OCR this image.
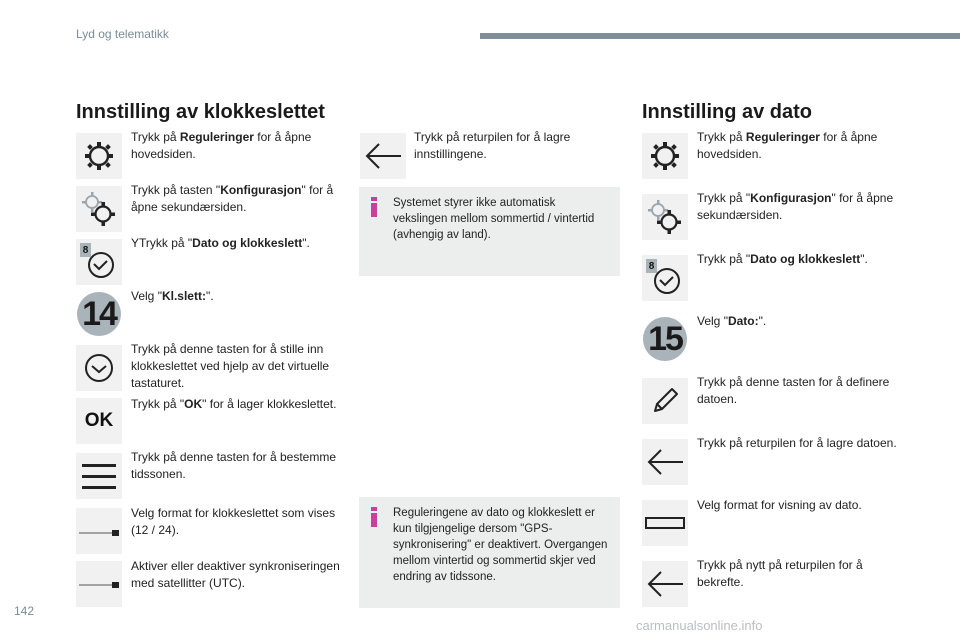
Lyd og telematikk
Innstilling av klokkeslettet
Trykk på Reguleringer for å åpne hovedsiden.
Trykk på tasten "Konfigurasjon" for å åpne sekundærsiden.
8	YTrykk på "Dato og klokkeslett".
14	Velg "Kl.slett:".
Trykk på denne tasten for å stille inn klokkeslettet ved hjelp av det virtuelle tastaturet.
OK
Trykk på "OK" for å lager klokkeslettet.
Trykk på denne tasten for å bestemme tidssonen.
Velg format for klokkeslettet som vises (12 / 24).
Aktiver eller deaktiver synkroniseringen med satellitter (UTC).
Trykk på returpilen for å lagre innstillingene.
Systemet styrer ikke automatisk vekslingen mellom sommertid / vintertid (avhengig av land).
Reguleringene av dato og klokkeslett er kun tilgjengelige dersom "GPS-synkronisering" er deaktivert. Overgangen mellom vintertid og sommertid skjer ved endring av tidssone.
Innstilling av dato
Trykk på Reguleringer for å åpne hovedsiden.
Trykk på "Konfigurasjon" for å åpne sekundærsiden.
8	Trykk på "Dato og klokkeslett".
15	Velg "Dato:".
Trykk på denne tasten for å definere datoen.
Trykk på returpilen for å lagre datoen.
Velg format for visning av dato.
Trykk på nytt på returpilen for å bekrefte.
142
carmanualsonline.info
